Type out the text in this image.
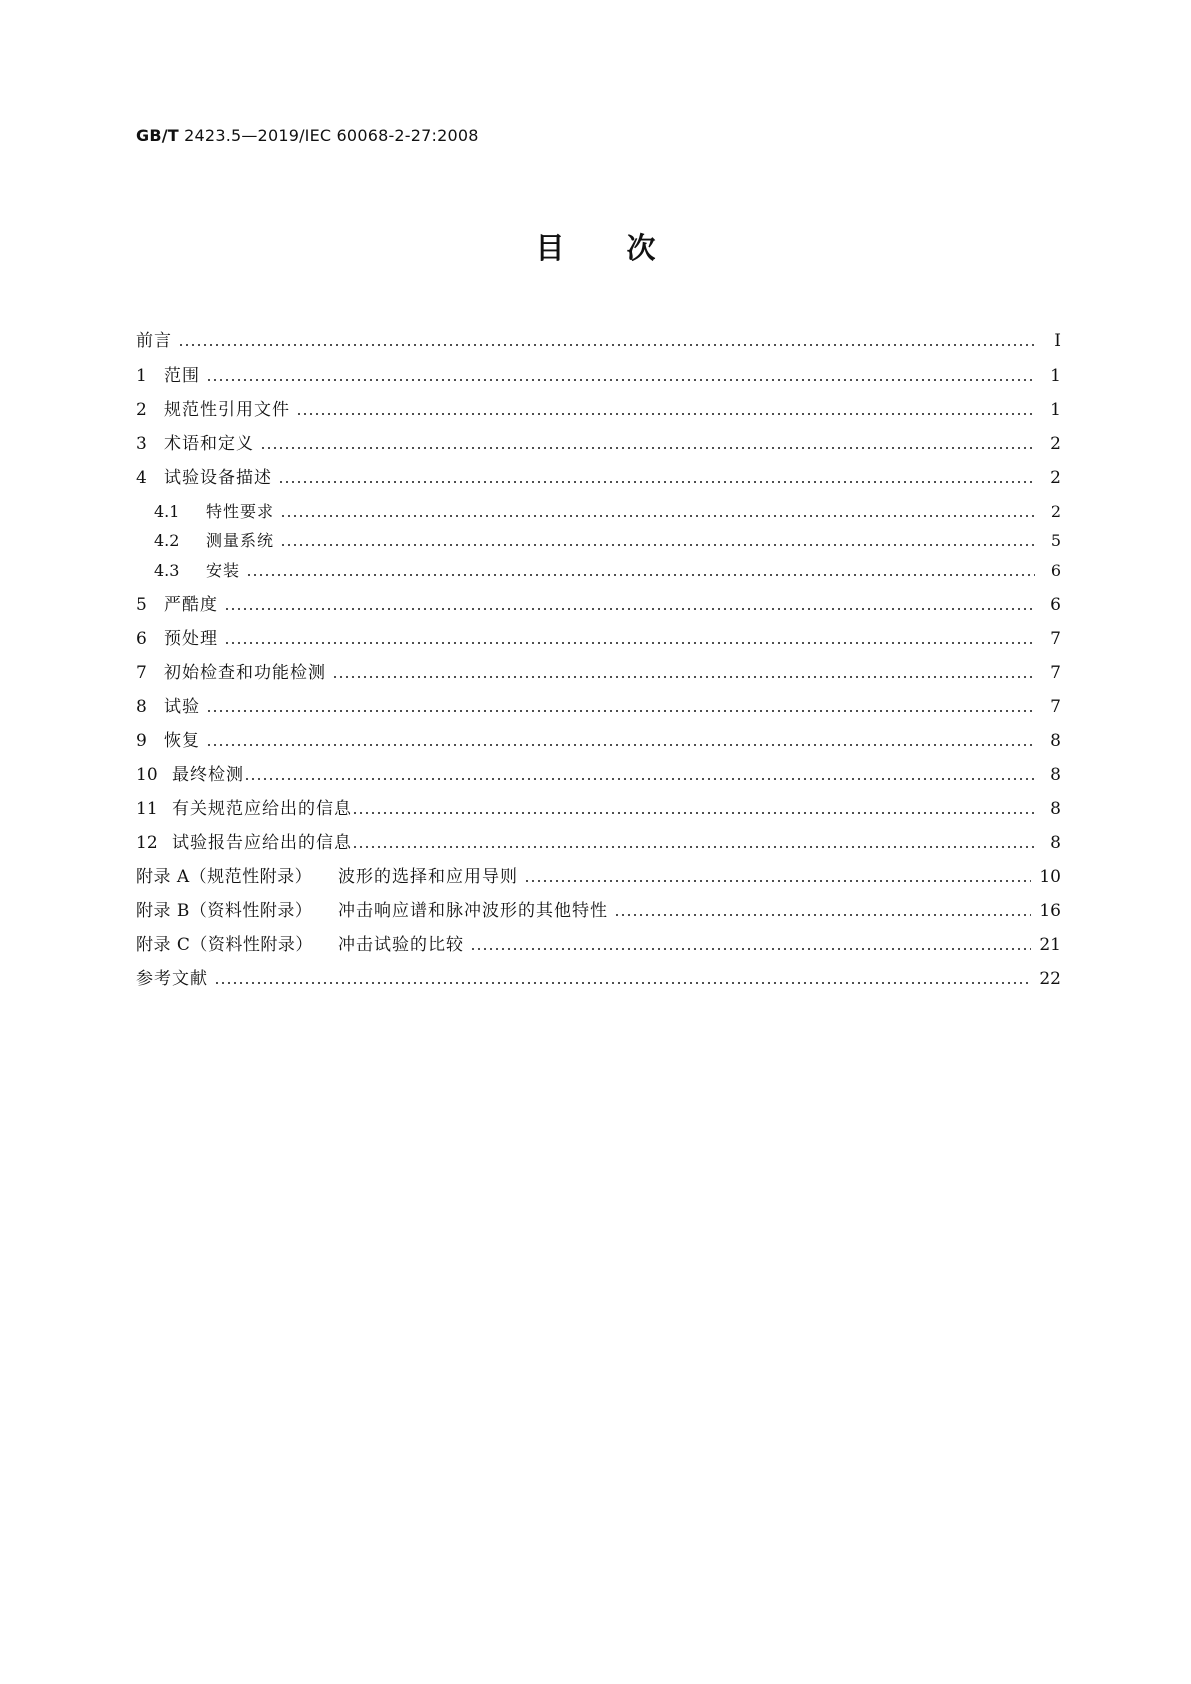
GB/T 2423.5—2019/IEC 60068-2-27:2008
目次
前言	Ⅰ
1	范围	1
2	规范性引用文件	1
3	术语和定义	2
4	试验设备描述	2
4.1	特性要求	2
4.2	测量系统	5
4.3	安装	6
5	严酷度	6
6	预处理	7
7	初始检查和功能检测	7
8	试验	7
9	恢复	8
10 最终检测	8
11 有关规范应给出的信息	8
12 试验报告应给出的信息	8
附录 A（规范性附录）	波形的选择和应用导则	10
附录 B（资料性附录）	冲击响应谱和脉冲波形的其他特性	16
附录 C（资料性附录）	冲击试验的比较	21
参考文献	22
